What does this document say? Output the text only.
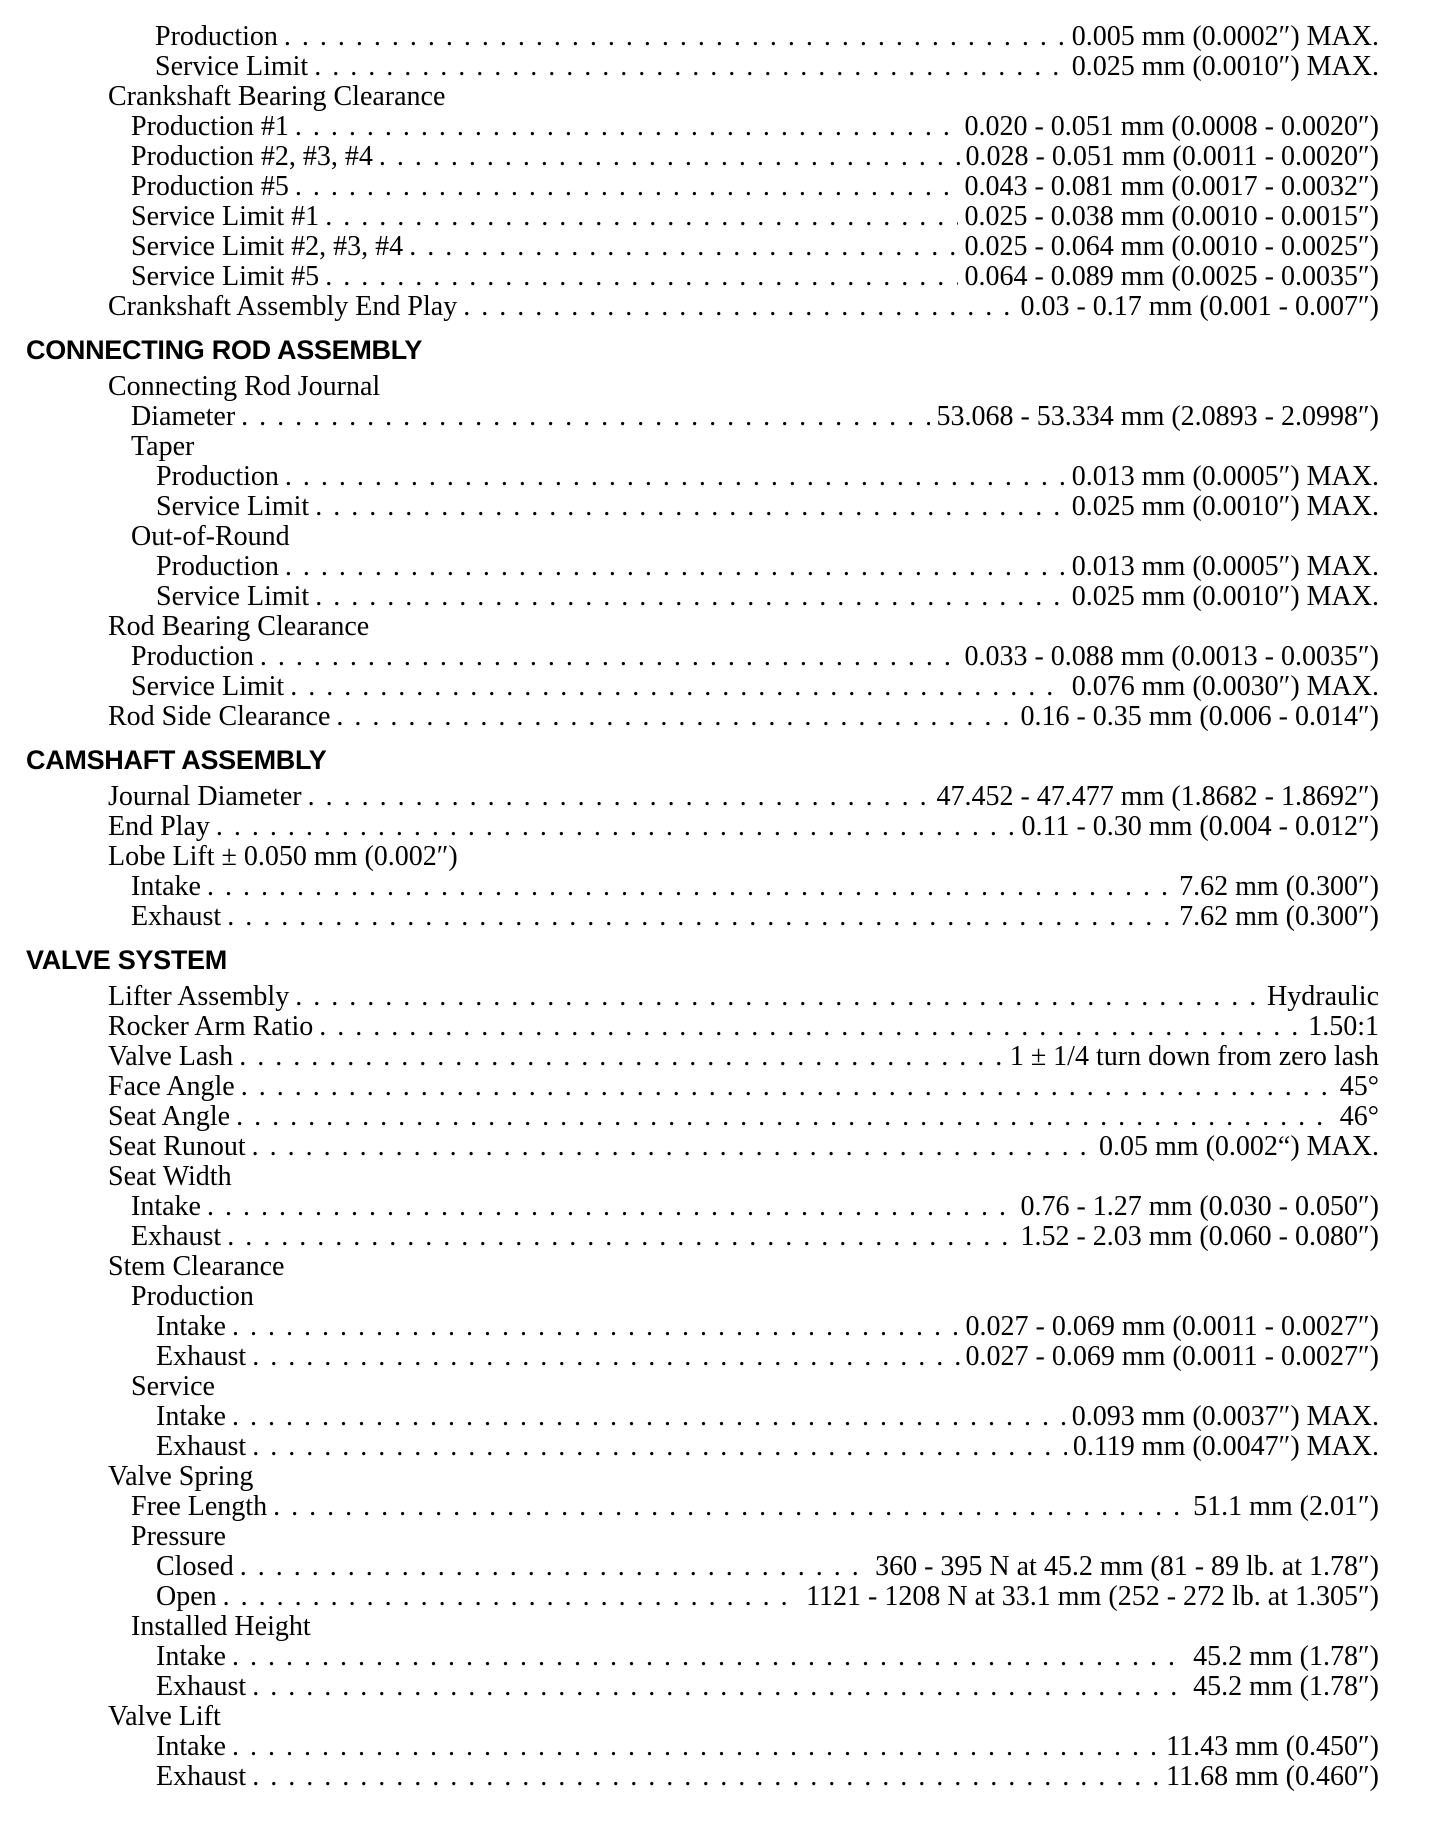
Production . . .	0.005 mm (0.0002″) MAX.
Service Limit . . .	0.025 mm (0.0010″) MAX.
Crankshaft Bearing Clearance
Production #1 . . .	0.020 - 0.051 mm (0.0008 - 0.0020″)
Production #2, #3, #4 . . .	0.028 - 0.051 mm (0.0011 - 0.0020″)
Production #5 . . .	0.043 - 0.081 mm (0.0017 - 0.0032″)
Service Limit #1 . . .	0.025 - 0.038 mm (0.0010 - 0.0015″)
Service Limit #2, #3, #4 . . .	0.025 - 0.064 mm (0.0010 - 0.0025″)
Service Limit #5 . . .	0.064 - 0.089 mm (0.0025 - 0.0035″)
Crankshaft Assembly End Play . . .	0.03 - 0.17 mm (0.001 - 0.007″)
CONNECTING ROD ASSEMBLY
Connecting Rod Journal
Diameter . . .	53.068 - 53.334 mm (2.0893 - 2.0998″)
Taper
Production . . .	0.013 mm (0.0005″) MAX.
Service Limit . . .	0.025 mm (0.0010″) MAX.
Out-of-Round
Production . . .	0.013 mm (0.0005″) MAX.
Service Limit . . .	0.025 mm (0.0010″) MAX.
Rod Bearing Clearance
Production . . .	0.033 - 0.088 mm (0.0013 - 0.0035″)
Service Limit . . .	0.076 mm (0.0030″) MAX.
Rod Side Clearance . . .	0.16 - 0.35 mm (0.006 - 0.014″)
CAMSHAFT ASSEMBLY
Journal Diameter . . .	47.452 - 47.477 mm (1.8682 - 1.8692″)
End Play . . .	0.11 - 0.30 mm (0.004 - 0.012″)
Lobe Lift ± 0.050 mm (0.002″)
Intake . . .	7.62 mm (0.300″)
Exhaust . . .	7.62 mm (0.300″)
VALVE SYSTEM
Lifter Assembly . . .	Hydraulic
Rocker Arm Ratio . . .	1.50:1
Valve Lash . . .	1 ± 1/4 turn down from zero lash
Face Angle . . .	45°
Seat Angle . . .	46°
Seat Runout . . .	0.05 mm (0.002“) MAX.
Seat Width
Intake . . .	0.76 - 1.27 mm (0.030 - 0.050″)
Exhaust . . .	1.52 - 2.03 mm (0.060 - 0.080″)
Stem Clearance
Production
Intake . . .	0.027 - 0.069 mm (0.0011 - 0.0027″)
Exhaust . . .	0.027 - 0.069 mm (0.0011 - 0.0027″)
Service
Intake . . .	0.093 mm (0.0037″) MAX.
Exhaust . . .	0.119 mm (0.0047″) MAX.
Valve Spring
Free Length . . .	51.1 mm (2.01″)
Pressure
Closed . . .	360 - 395 N at 45.2 mm (81 - 89 lb. at 1.78″)
Open . . .	1121 - 1208 N at 33.1 mm (252 - 272 lb. at 1.305″)
Installed Height
Intake . . .	45.2 mm (1.78″)
Exhaust . . .	45.2 mm (1.78″)
Valve Lift
Intake . . .	11.43 mm (0.450″)
Exhaust . . .	11.68 mm (0.460″)
